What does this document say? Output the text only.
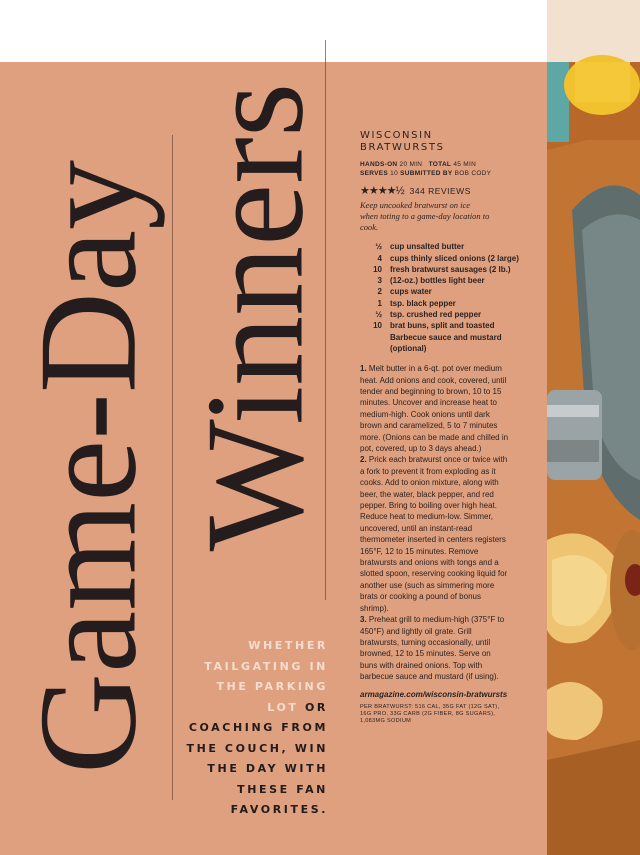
Game-Day Winners
WHETHER
TAILGATING IN
THE PARKING
LOT OR
COACHING FROM
THE COUCH, WIN
THE DAY WITH
THESE FAN
FAVORITES.
WISCONSIN
BRATWURSTS
HANDS-ON 20 MIN TOTAL 45 MIN
SERVES 10 SUBMITTED BY BOB CODY
★★★★½ 344 REVIEWS
Keep uncooked bratwurst on ice when toting to a game-day location to cook.
½ cup unsalted butter
4 cups thinly sliced onions (2 large)
10 fresh bratwurst sausages (2 lb.)
3 (12-oz.) bottles light beer
2 cups water
1 tsp. black pepper
½ tsp. crushed red pepper
10 brat buns, split and toasted
Barbecue sauce and mustard (optional)

1. Melt butter in a 6-qt. pot over medium heat. Add onions and cook, covered, until tender and beginning to brown, 10 to 15 minutes. Uncover and increase heat to medium-high. Cook onions until dark brown and caramelized, 5 to 7 minutes more. (Onions can be made and chilled in pot, covered, up to 3 days ahead.)

2. Prick each bratwurst once or twice with a fork to prevent it from exploding as it cooks. Add to onion mixture, along with beer, the water, black pepper, and red pepper. Bring to boiling over high heat. Reduce heat to medium-low. Simmer, uncovered, until an instant-read thermometer inserted in centers registers 165°F, 12 to 15 minutes. Remove bratwursts and onions with tongs and a slotted spoon, reserving cooking liquid for another use (such as simmering more brats or cooking a pound of bonus shrimp).

3. Preheat grill to medium-high (375°F to 450°F) and lightly oil grate. Grill bratwursts, turning occasionally, until browned, 12 to 15 minutes. Serve on buns with drained onions. Top with barbecue sauce and mustard (if using).

armagazine.com/wisconsin-bratwursts
PER BRATWURST: 516 CAL, 35G FAT (12G SAT), 16G PRO, 33G CARB (2G FIBER, 8G SUGARS), 1,083MG SODIUM
